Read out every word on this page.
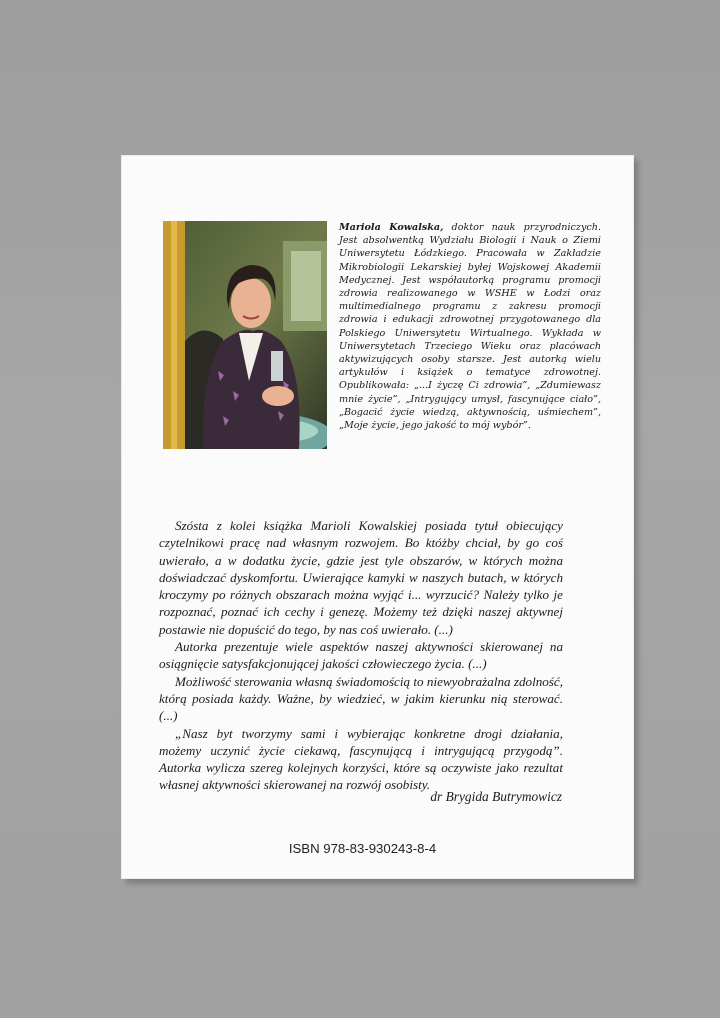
Mariola Kowalska, doktor nauk przyrodniczych. Jest absolwentką Wydziału Biologii i Nauk o Ziemi Uniwersytetu Łódzkiego. Pracowała w Zakładzie Mikrobiologii Lekarskiej byłej Wojskowej Akademii Medycznej. Jest współautorką programu promocji zdrowia realizowanego w WSHE w Łodzi oraz multimedialnego programu z zakresu promocji zdrowia i edukacji zdrowotnej przygotowanego dla Polskiego Uniwersytetu Wirtualnego. Wykłada w Uniwersytetach Trzeciego Wieku oraz placówach aktywizujących osoby starsze. Jest autorką wielu artykułów i książek o tematyce zdrowotnej. Opublikowała: „...I życzę Ci zdrowia”, „Zdumiewasz mnie życie”, „Intrygujący umysł, fascynujące ciało”, „Bogacić życie wiedzą, aktywnością, uśmiechem”, „Moje życie, jego jakość to mój wybór”.

Szósta z kolei książka Marioli Kowalskiej posiada tytuł obiecujący czytelnikowi pracę nad własnym rozwojem. Bo któżby chciał, by go coś uwierało, a w dodatku życie, gdzie jest tyle obszarów, w których można doświadczać dyskomfortu. Uwierające kamyki w naszych butach, w których kroczymy po różnych obszarach można wyjąć i... wyrzucić? Należy tylko je rozpoznać, poznać ich cechy i genezę. Możemy też dzięki naszej aktywnej postawie nie dopuścić do tego, by nas coś uwierało. (...)

Autorka prezentuje wiele aspektów naszej aktywności skierowanej na osiągnięcie satysfakcjonującej jakości człowieczego życia. (...)

Możliwość sterowania własną świadomością to niewyobrażalna zdolność, którą posiada każdy. Ważne, by wiedzieć, w jakim kierunku nią sterować. (...)

„Nasz byt tworzymy sami i wybierając konkretne drogi działania, możemy uczynić życie ciekawą, fascynującą i intrygującą przygodą”. Autorka wylicza szereg kolejnych korzyści, które są oczywiste jako rezultat własnej aktywności skierowanej na rozwój osobisty.

dr Brygida Butrymowicz
ISBN 978-83-930243-8-4
